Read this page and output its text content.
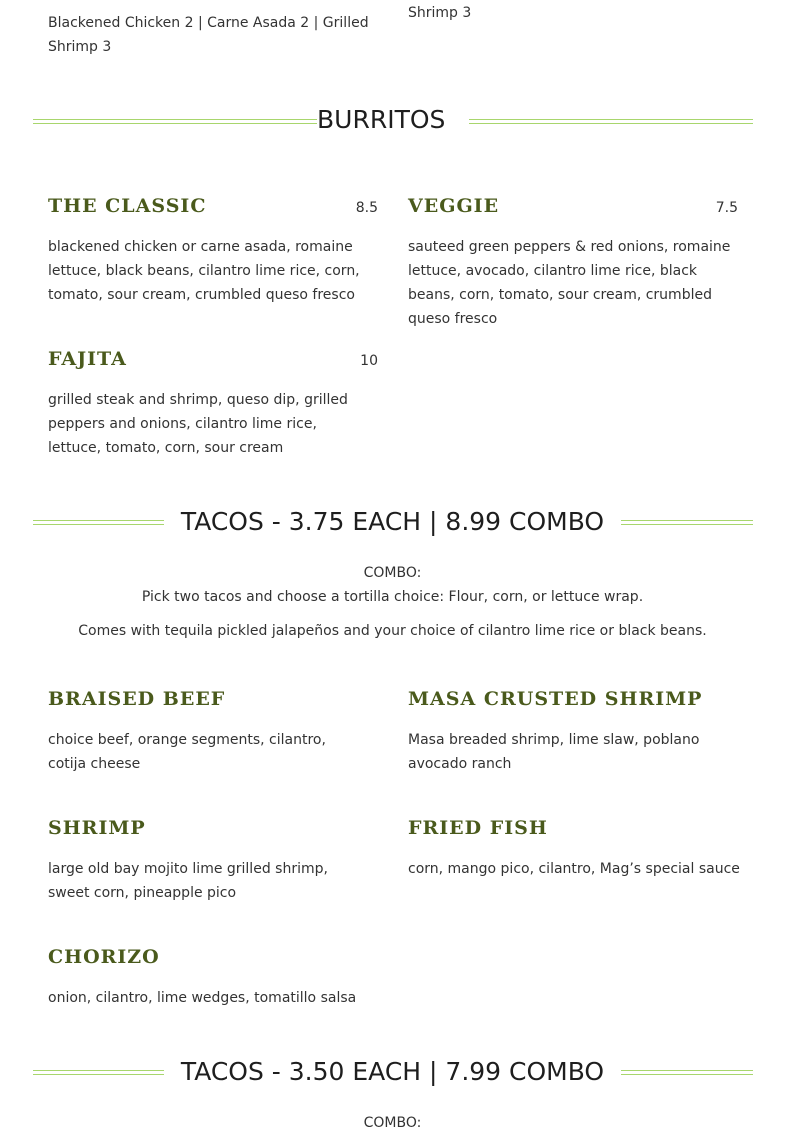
Blackened Chicken 2 | Carne Asada 2 | Grilled Shrimp 3
Shrimp 3
BURRITOS
THE CLASSIC	8.5
blackened chicken or carne asada, romaine lettuce, black beans, cilantro lime rice, corn, tomato, sour cream, crumbled queso fresco
VEGGIE	7.5
sauteed green peppers & red onions, romaine lettuce, avocado, cilantro lime rice, black beans, corn, tomato, sour cream, crumbled queso fresco
FAJITA	10
grilled steak and shrimp, queso dip, grilled peppers and onions, cilantro lime rice, lettuce, tomato, corn, sour cream
TACOS - 3.75 EACH | 8.99 COMBO
COMBO:
Pick two tacos and choose a tortilla choice: Flour, corn, or lettuce wrap.
Comes with tequila pickled jalapeños and your choice of cilantro lime rice or black beans.
BRAISED BEEF
choice beef, orange segments, cilantro, cotija cheese
MASA CRUSTED SHRIMP
Masa breaded shrimp, lime slaw, poblano avocado ranch
SHRIMP
large old bay mojito lime grilled shrimp, sweet corn, pineapple pico
FRIED FISH
corn, mango pico, cilantro, Mag’s special sauce
CHORIZO
onion, cilantro, lime wedges, tomatillo salsa
TACOS - 3.50 EACH | 7.99 COMBO
COMBO:
